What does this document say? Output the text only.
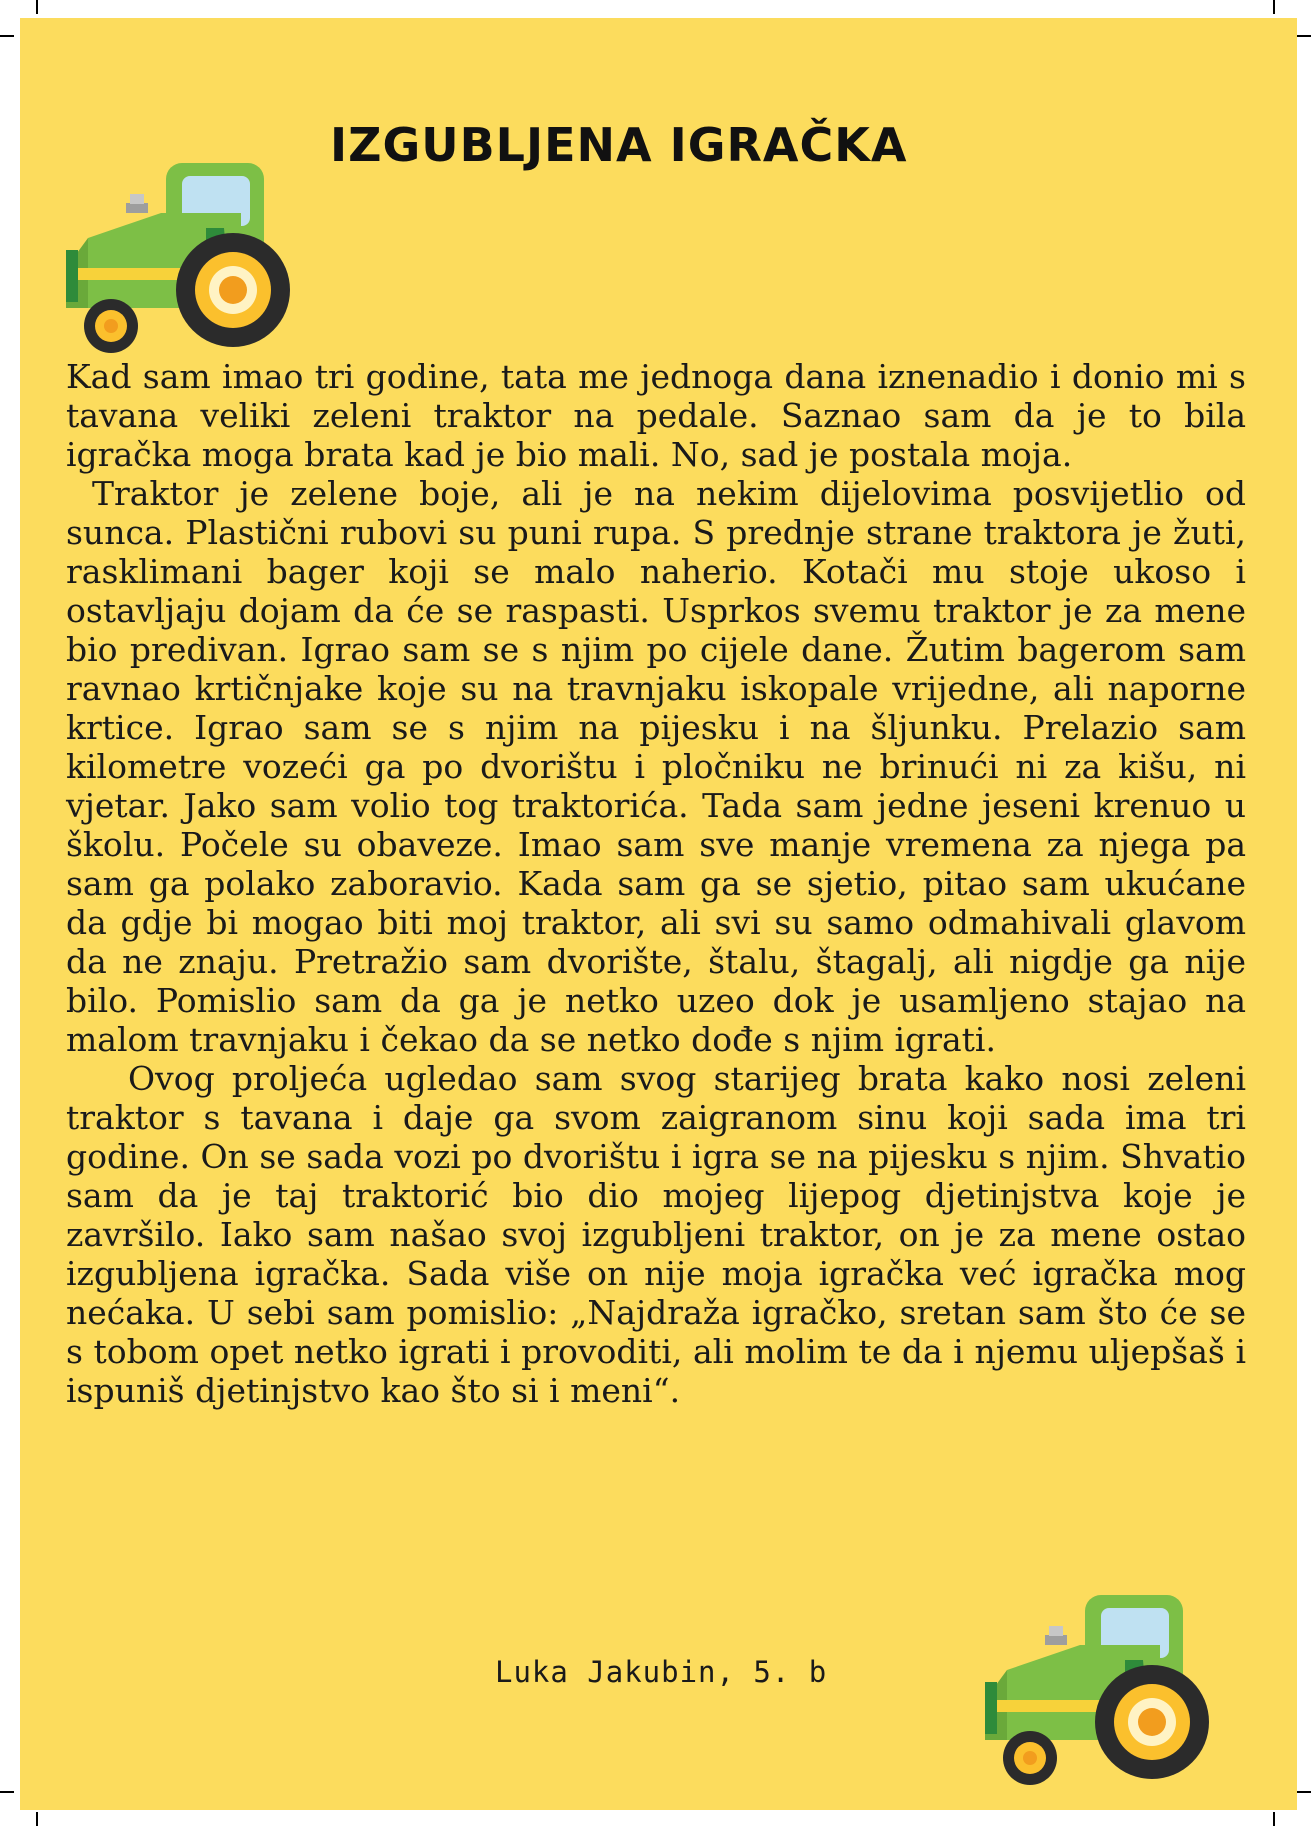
IZGUBLJENA IGRAČKA

Kad sam imao tri godine, tata me jednoga dana iznenadio i donio mi s tavana veliki zeleni traktor na pedale. Saznao sam da je to bila igračka moga brata kad je bio mali. No, sad je postala moja.

Traktor je zelene boje, ali je na nekim dijelovima posvijetlio od sunca. Plastični rubovi su puni rupa. S prednje strane traktora je žuti, rasklimani bager koji se malo naherio. Kotači mu stoje ukoso i ostavljaju dojam da će se raspasti. Usprkos svemu traktor je za mene bio predivan. Igrao sam se s njim po cijele dane. Žutim bagerom sam ravnao krtičnjake koje su na travnjaku iskopale vrijedne, ali naporne krtice. Igrao sam se s njim na pijesku i na šljunku. Prelazio sam kilometre vozeći ga po dvorištu i pločniku ne brinući ni za kišu, ni vjetar. Jako sam volio tog traktorića. Tada sam jedne jeseni krenuo u školu. Počele su obaveze. Imao sam sve manje vremena za njega pa sam ga polako zaboravio. Kada sam ga se sjetio, pitao sam ukućane da gdje bi mogao biti moj traktor, ali svi su samo odmahivali glavom da ne znaju. Pretražio sam dvorište, štalu, štagalj, ali nigdje ga nije bilo. Pomislio sam da ga je netko uzeo dok je usamljeno stajao na malom travnjaku i čekao da se netko dođe s njim igrati.

Ovog proljeća ugledao sam svog starijeg brata kako nosi zeleni traktor s tavana i daje ga svom zaigranom sinu koji sada ima tri godine. On se sada vozi po dvorištu i igra se na pijesku s njim. Shvatio sam da je taj traktorić bio dio mojeg lijepog djetinjstva koje je završilo. Iako sam našao svoj izgubljeni traktor, on je za mene ostao izgubljena igračka. Sada više on nije moja igračka već igračka mog nećaka. U sebi sam pomislio: „Najdraža igračko, sretan sam što će se s tobom opet netko igrati i provoditi, ali molim te da i njemu uljepšaš i ispuniš djetinjstvo kao što si i meni“.

Luka Jakubin, 5. b
